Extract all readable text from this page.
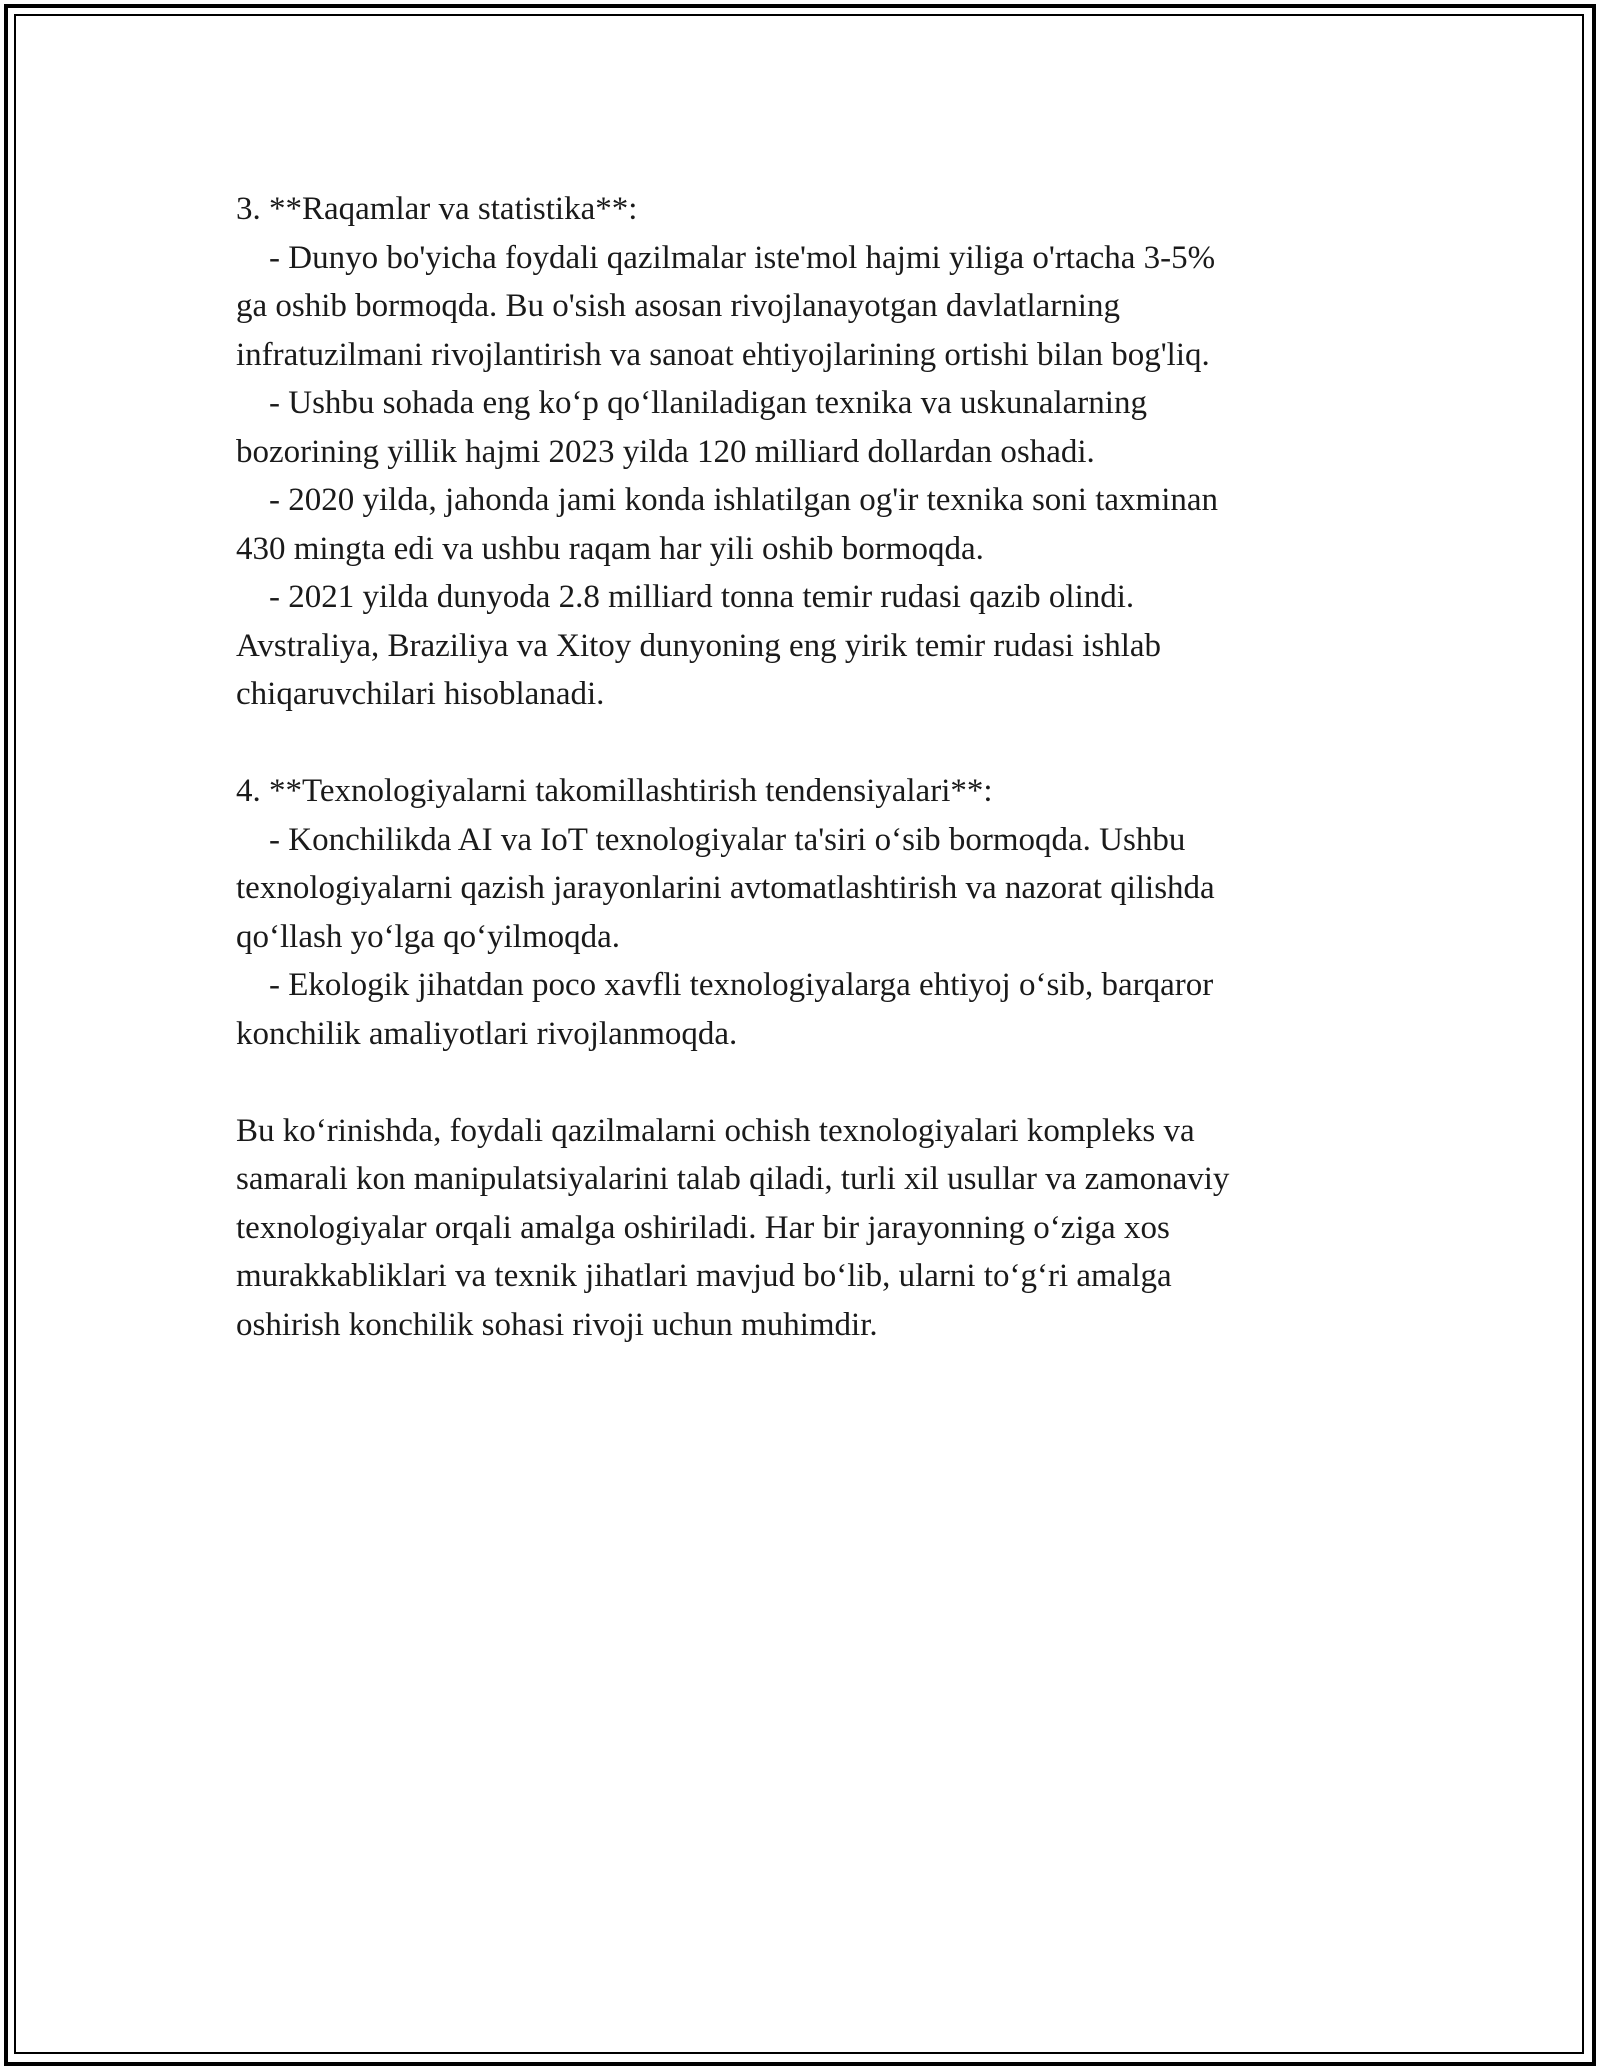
3. **Raqamlar va statistika**:
- Dunyo bo'yicha foydali qazilmalar iste'mol hajmi yiliga o'rtacha 3-5%
ga oshib bormoqda. Bu o'sish asosan rivojlanayotgan davlatlarning
infratuzilmani rivojlantirish va sanoat ehtiyojlarining ortishi bilan bog'liq.
- Ushbu sohada eng koʻp qoʻllaniladigan texnika va uskunalarning
bozorining yillik hajmi 2023 yilda 120 milliard dollardan oshadi.
- 2020 yilda, jahonda jami konda ishlatilgan og'ir texnika soni taxminan
430 mingta edi va ushbu raqam har yili oshib bormoqda.
- 2021 yilda dunyoda 2.8 milliard tonna temir rudasi qazib olindi.
Avstraliya, Braziliya va Xitoy dunyoning eng yirik temir rudasi ishlab
chiqaruvchilari hisoblanadi.
4. **Texnologiyalarni takomillashtirish tendensiyalari**:
- Konchilikda AI va IoT texnologiyalar ta'siri oʻsib bormoqda. Ushbu
texnologiyalarni qazish jarayonlarini avtomatlashtirish va nazorat qilishda
qoʻllash yoʻlga qoʻyilmoqda.
- Ekologik jihatdan poco xavfli texnologiyalarga ehtiyoj oʻsib, barqaror
konchilik amaliyotlari rivojlanmoqda.
Bu koʻrinishda, foydali qazilmalarni ochish texnologiyalari kompleks va
samarali kon manipulatsiyalarini talab qiladi, turli xil usullar va zamonaviy
texnologiyalar orqali amalga oshiriladi. Har bir jarayonning oʻziga xos
murakkabliklari va texnik jihatlari mavjud boʻlib, ularni toʻgʻri amalga
oshirish konchilik sohasi rivoji uchun muhimdir.
